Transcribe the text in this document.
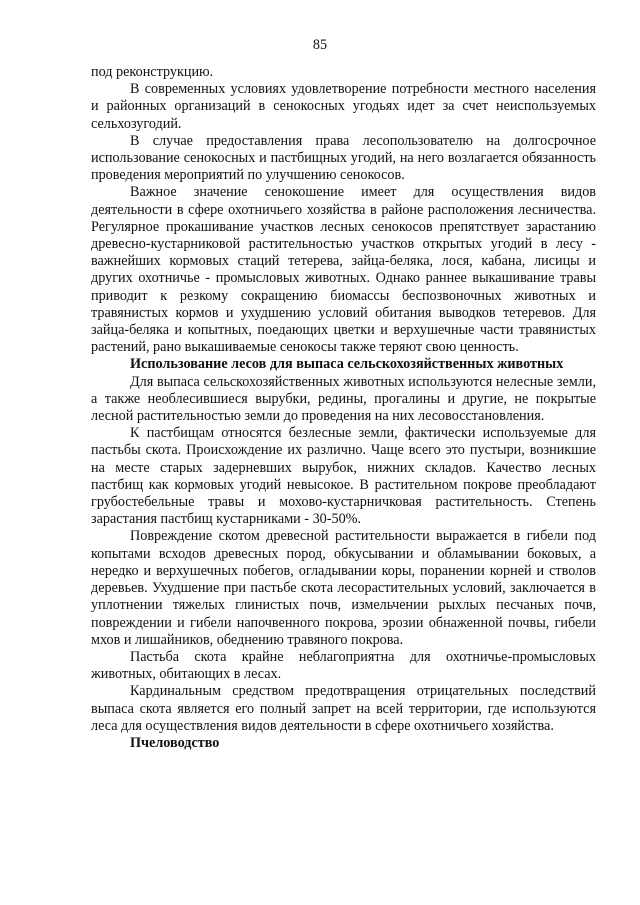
85

под реконструкцию.

В современных условиях удовлетворение потребности местного населения и районных организаций в сенокосных угодьях идет за счет неиспользуемых сельхозугодий.

В случае предоставления права лесопользователю на долгосрочное использование сенокосных и пастбищных угодий, на него возлагается обязанность проведения мероприятий по улучшению сенокосов.

Важное значение сенокошение имеет для осуществления видов деятельности в сфере охотничьего хозяйства в районе расположения лесничества. Регулярное прокашивание участков лесных сенокосов препятствует зарастанию древесно-кустарниковой растительностью участков открытых угодий в лесу - важнейших кормовых стаций тетерева, зайца-беляка, лося, кабана, лисицы и других охотничье - промысловых животных. Однако раннее выкашивание травы приводит к резкому сокращению биомассы беспозвоночных животных и травянистых кормов и ухудшению условий обитания выводков тетеревов. Для зайца-беляка и копытных, поедающих цветки и верхушечные части травянистых растений, рано выкашиваемые сенокосы также теряют свою ценность.

Использование лесов для выпаса сельскохозяйственных животных

Для выпаса сельскохозяйственных животных используются нелесные земли, а также необлесившиеся вырубки, редины, прогалины и другие, не покрытые лесной растительностью земли до проведения на них лесовосстановления.

К пастбищам относятся безлесные земли, фактически используемые для пастьбы скота. Происхождение их различно. Чаще всего это пустыри, возникшие на месте старых задерневших вырубок, нижних складов. Качество лесных пастбищ как кормовых угодий невысокое. В растительном покрове преобладают грубостебельные травы и мохово-кустарничковая растительность. Степень зарастания пастбищ кустарниками - 30-50%.

Повреждение скотом древесной растительности выражается в гибели под копытами всходов древесных пород, обкусывании и обламывании боковых, а нередко и верхушечных побегов, огладывании коры, поранении корней и стволов деревьев. Ухудшение при пастьбе скота лесорастительных условий, заключается в уплотнении тяжелых глинистых почв, измельчении рыхлых песчаных почв, повреждении и гибели напочвенного покрова, эрозии обнаженной почвы, гибели мхов и лишайников, обеднению травяного покрова.

Пастьба скота крайне неблагоприятна для охотничье-промысловых животных, обитающих в лесах.

Кардинальным средством предотвращения отрицательных последствий выпаса скота является его полный запрет на всей территории, где используются леса для осуществления видов деятельности в сфере охотничьего хозяйства.

Пчеловодство
